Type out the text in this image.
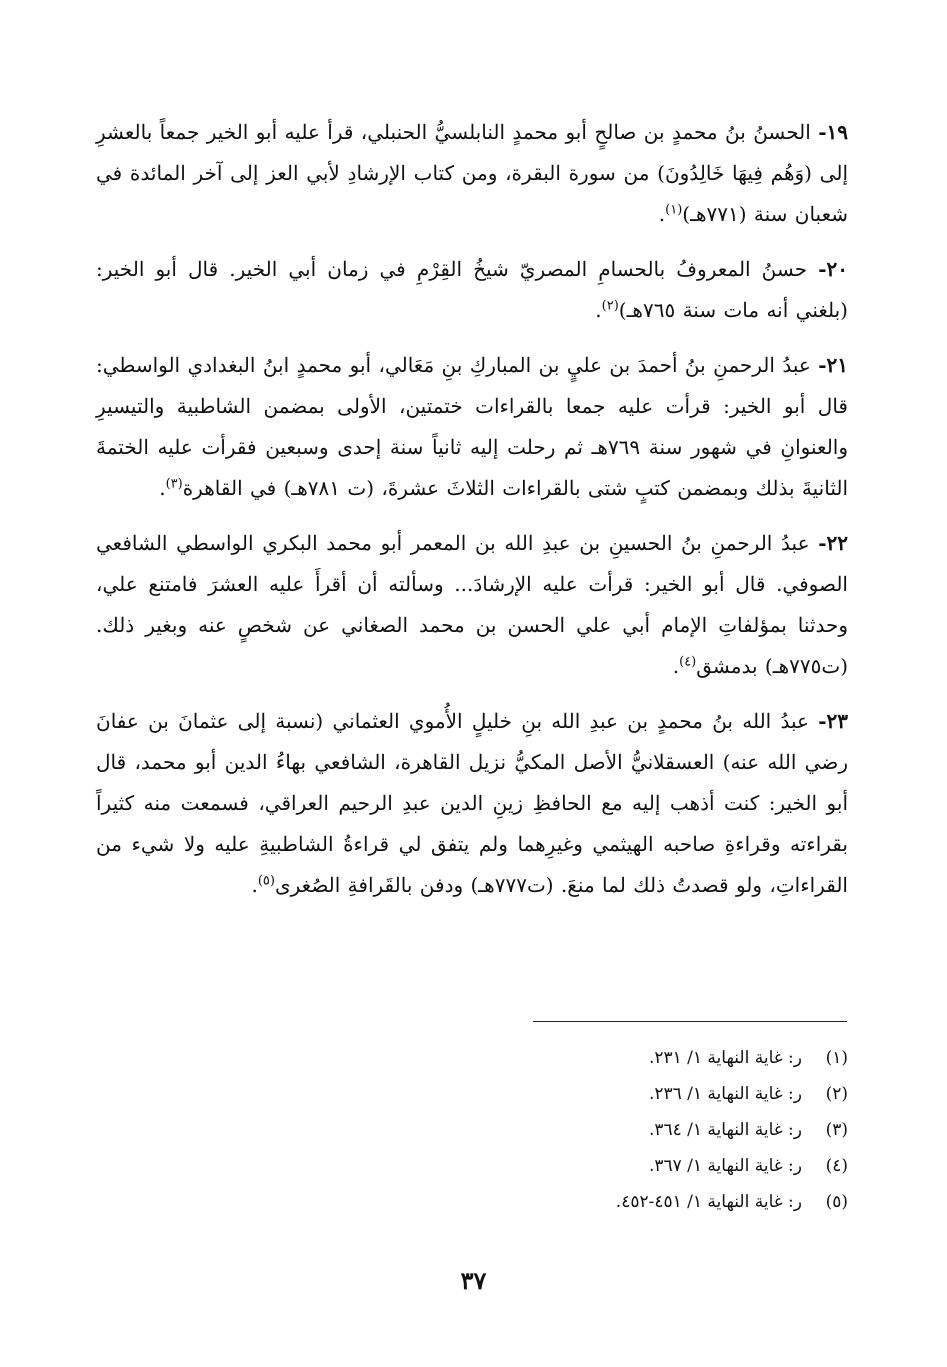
١٩- الحسنُ بنُ محمدٍ بن صالحٍ أبو محمدٍ النابلسيُّ الحنبلي، قرأ عليه أبو الخير جمعاً بالعشرِ إلى (وَهُم فِيهَا خَالِدُونَ) من سورة البقرة، ومن كتاب الإرشادِ لأبي العز إلى آخر المائدة في شعبان سنة (٧٧١هـ)$^{(١)}$.

٢٠- حسنُ المعروفُ بالحسامِ المصريّ شيخُ القِرْمِ في زمان أبي الخير. قال أبو الخير: (بلغني أنه مات سنة ٧٦٥هـ)$^{(٢)}$.

٢١- عبدُ الرحمنِ بنُ أحمدَ بن عليٍ بن المباركِ بنِ مَعَالي، أبو محمدٍ ابنُ البغدادي الواسطي: قال أبو الخير: قرأت عليه جمعا بالقراءات ختمتين، الأولى بمضمن الشاطبية والتيسيرِ والعنوانِ في شهور سنة ٧٦٩هـ ثم رحلت إليه ثانياً سنة إحدى وسبعين فقرأت عليه الختمةَ الثانيةَ بذلك وبمضمن كتبٍ شتى بالقراءات الثلاثَ عشرةَ، (ت ٧٨١هـ) في القاهرة$^{(٣)}$.

٢٢- عبدُ الرحمنِ بنُ الحسينِ بن عبدِ الله بن المعمر أبو محمد البكري الواسطي الشافعي الصوفي. قال أبو الخير: قرأت عليه الإرشادَ... وسألته أن أقرأَ عليه العشرَ فامتنع علي، وحدثنا بمؤلفاتِ الإمام أبي علي الحسن بن محمد الصغاني عن شخصٍ عنه وبغير ذلك. (ت٧٧٥هـ) بدمشق$^{(٤)}$.

٢٣- عبدُ الله بنُ محمدٍ بن عبدِ الله بنِ خليلٍ الأُموي العثماني (نسبة إلى عثمانَ بن عفانَ رضي الله عنه) العسقلانيُّ الأصل المكيُّ نزيل القاهرة، الشافعي بهاءُ الدين أبو محمد، قال أبو الخير: كنت أذهب إليه مع الحافظِ زينِ الدين عبدِ الرحيم العراقي، فسمعت منه كثيراً بقراءته وقراءةِ صاحبه الهيثمي وغيرِهما ولم يتفق لي قراءةُ الشاطبيةِ عليه ولا شيء من القراءاتِ، ولو قصدتُ ذلك لما منعَ. (ت٧٧٧هـ) ودفن بالقَرافةِ الصُغرى$^{(٥)}$.

(١)ر: غاية النهاية ١/ ٢٣١.
(٢)ر: غاية النهاية ١/ ٢٣٦.
(٣)ر: غاية النهاية ١/ ٣٦٤.
(٤)ر: غاية النهاية ١/ ٣٦٧.
(٥)ر: غاية النهاية ١/ ٤٥١-٤٥٢.
٣٧
